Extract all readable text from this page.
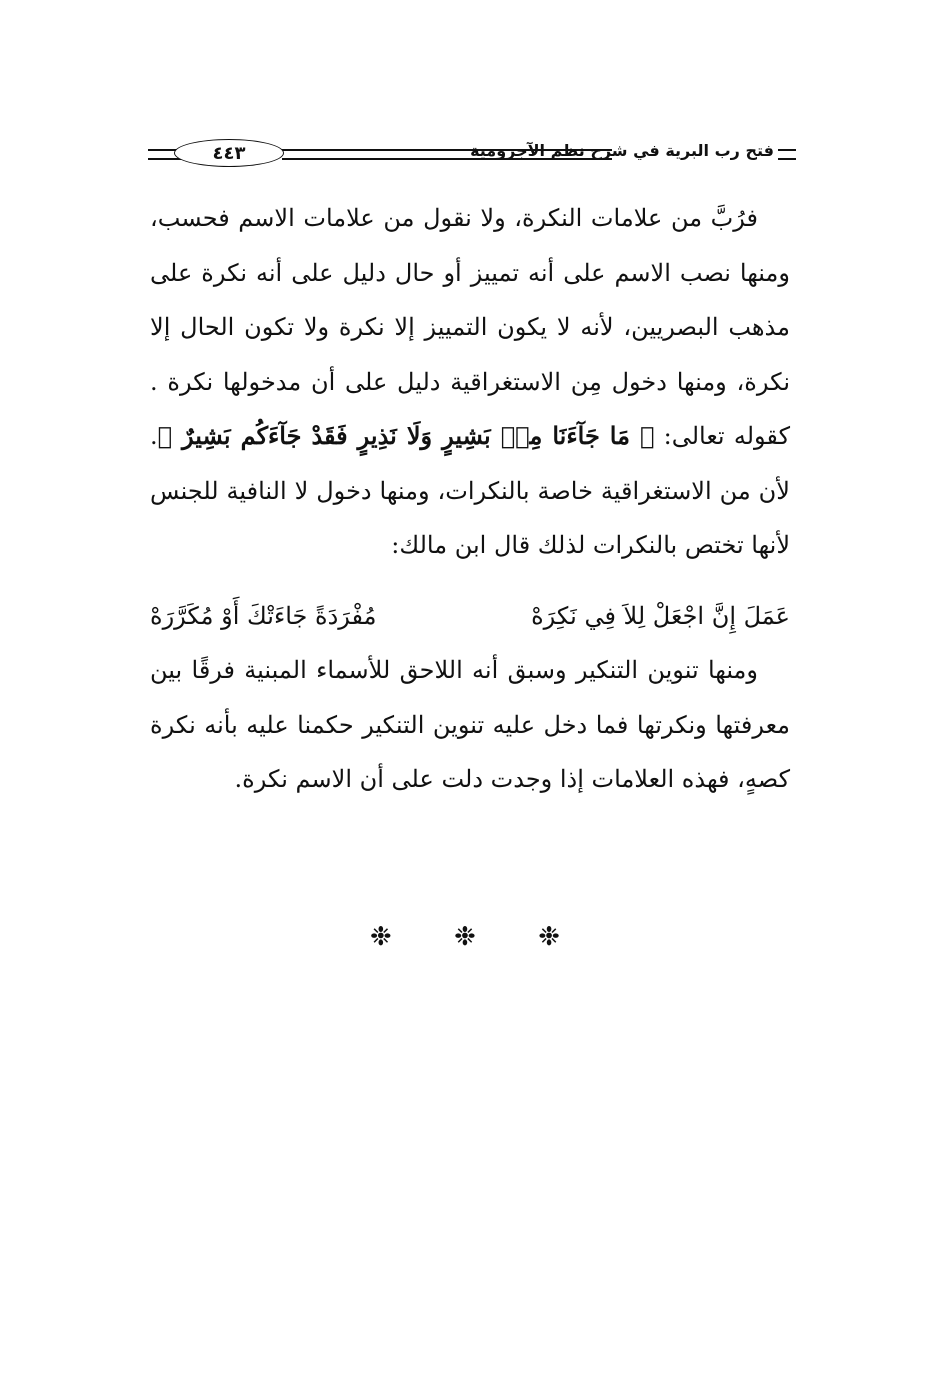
٤٤٣	فتح رب البرية في شرح نظم الآجرومية

فرُبَّ من علامات النكرة، ولا نقول من علامات الاسم فحسب، ومنها نصب الاسم على أنه تمييز أو حال دليل على أنه نكرة على مذهب البصريين، لأنه لا يكون التمييز إلا نكرة ولا تكون الحال إلا نكرة، ومنها دخول مِن الاستغراقية دليل على أن مدخولها نكرة . كقوله تعالى: ﴿ مَا جَآءَنَا مِنۢ بَشِيرٍ وَلَا نَذِيرٍ فَقَدْ جَآءَكُم بَشِيرٌ ﴾. لأن من الاستغراقية خاصة بالنكرات، ومنها دخول لا النافية للجنس لأنها تختص بالنكرات لذلك قال ابن مالك:

عَمَلَ إِنَّ اجْعَلْ لِلاَ فِي نَكِرَهْ
مُفْرَدَةً جَاءَتْكَ أَوْ مُكَرَّرَهْ

ومنها تنوين التنكير وسبق أنه اللاحق للأسماء المبنية فرقًا بين معرفتها ونكرتها فما دخل عليه تنوين التنكير حكمنا عليه بأنه نكرة كصهٍ، فهذه العلامات إذا وجدت دلت على أن الاسم نكرة.

❉ ❉ ❉
